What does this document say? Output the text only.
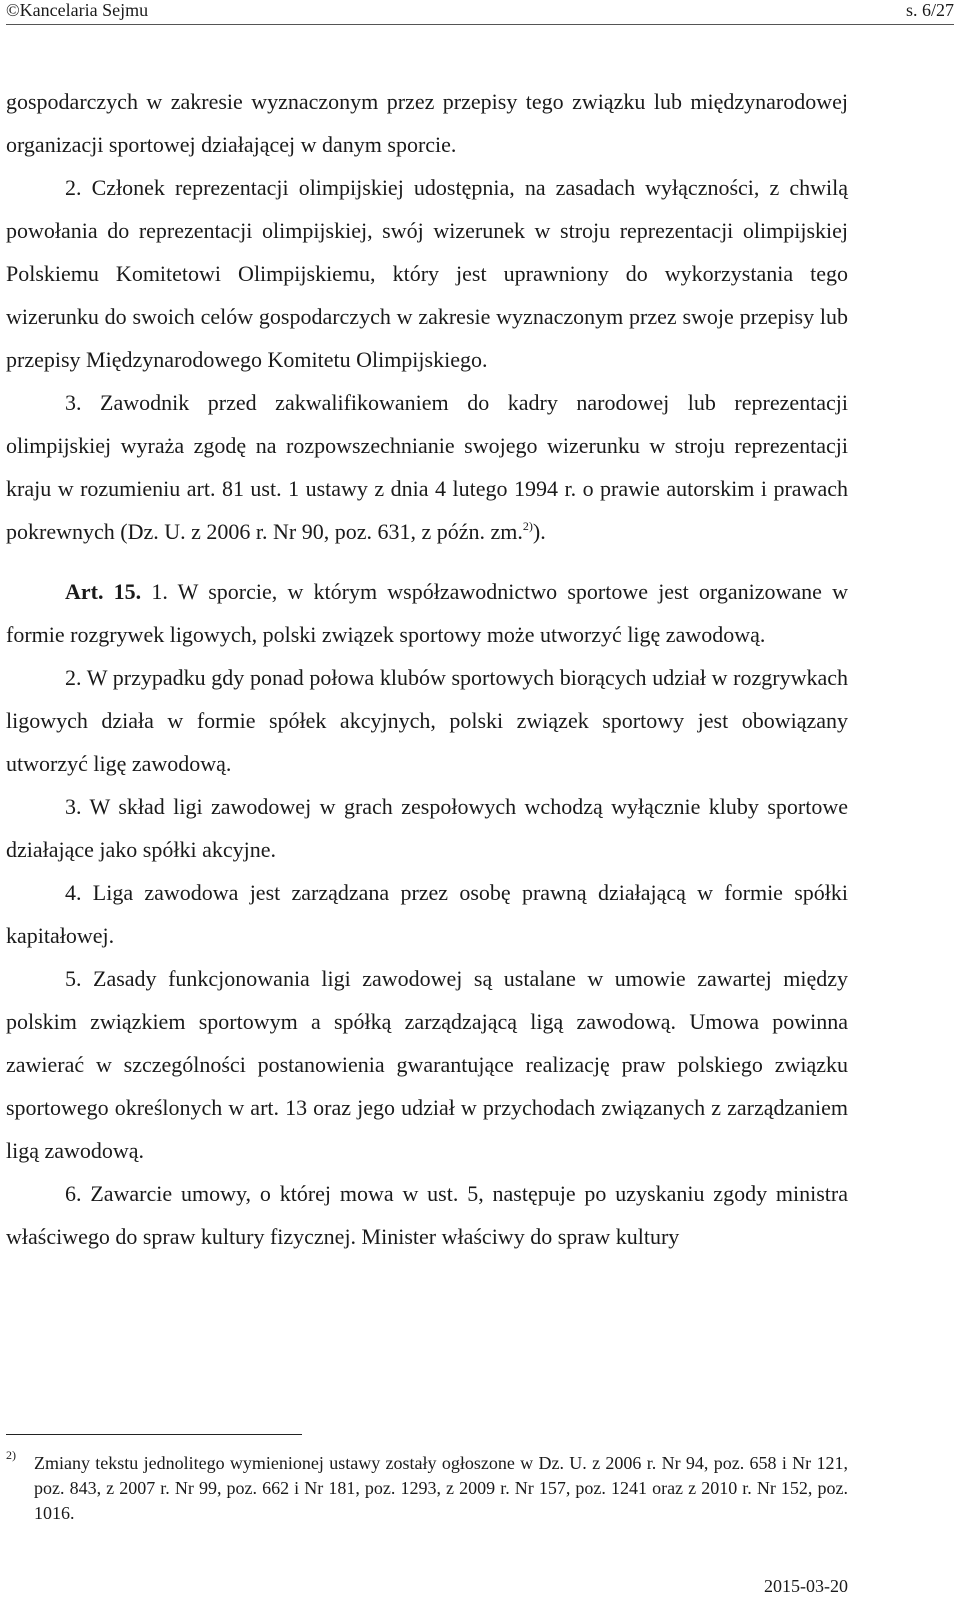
©Kancelaria Sejmu	s. 6/27

gospodarczych w zakresie wyznaczonym przez przepisy tego związku lub międzynarodowej organizacji sportowej działającej w danym sporcie.

2. Członek reprezentacji olimpijskiej udostępnia, na zasadach wyłączności, z chwilą powołania do reprezentacji olimpijskiej, swój wizerunek w stroju reprezentacji olimpijskiej Polskiemu Komitetowi Olimpijskiemu, który jest uprawniony do wykorzystania tego wizerunku do swoich celów gospodarczych w zakresie wyznaczonym przez swoje przepisy lub przepisy Międzynarodowego Komitetu Olimpijskiego.

3. Zawodnik przed zakwalifikowaniem do kadry narodowej lub reprezentacji olimpijskiej wyraża zgodę na rozpowszechnianie swojego wizerunku w stroju reprezentacji kraju w rozumieniu art. 81 ust. 1 ustawy z dnia 4 lutego 1994 r. o prawie autorskim i prawach pokrewnych (Dz. U. z 2006 r. Nr 90, poz. 631, z późn. zm.$^{2)}$).

Art. 15. 1. W sporcie, w którym współzawodnictwo sportowe jest organizowane w formie rozgrywek ligowych, polski związek sportowy może utworzyć ligę zawodową.

2. W przypadku gdy ponad połowa klubów sportowych biorących udział w rozgrywkach ligowych działa w formie spółek akcyjnych, polski związek sportowy jest obowiązany utworzyć ligę zawodową.

3. W skład ligi zawodowej w grach zespołowych wchodzą wyłącznie kluby sportowe działające jako spółki akcyjne.

4. Liga zawodowa jest zarządzana przez osobę prawną działającą w formie spółki kapitałowej.

5. Zasady funkcjonowania ligi zawodowej są ustalane w umowie zawartej między polskim związkiem sportowym a spółką zarządzającą ligą zawodową. Umowa powinna zawierać w szczególności postanowienia gwarantujące realizację praw polskiego związku sportowego określonych w art. 13 oraz jego udział w przychodach związanych z zarządzaniem ligą zawodową.

6. Zawarcie umowy, o której mowa w ust. 5, następuje po uzyskaniu zgody ministra właściwego do spraw kultury fizycznej. Minister właściwy do spraw kultury

2) Zmiany tekstu jednolitego wymienionej ustawy zostały ogłoszone w Dz. U. z 2006 r. Nr 94, poz. 658 i Nr 121, poz. 843, z 2007 r. Nr 99, poz. 662 i Nr 181, poz. 1293, z 2009 r. Nr 157, poz. 1241 oraz z 2010 r. Nr 152, poz. 1016.
2015-03-20
